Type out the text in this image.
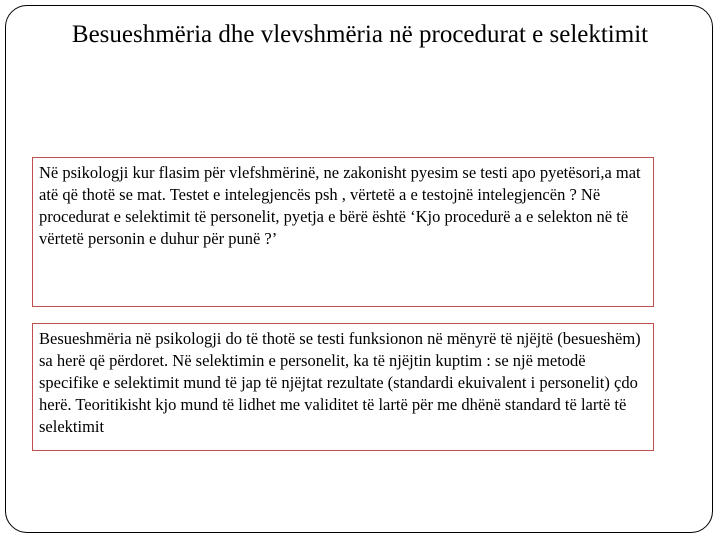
Besueshmëria dhe vlevshmëria në procedurat e selektimit
Në psikologji kur flasim për vlefshmërinë, ne zakonisht pyesim se testi apo pyetësori,a mat atë që thotë se mat. Testet e intelegjencës psh , vërtetë a e testojnë intelegjencën ? Në procedurat e selektimit të personelit, pyetja e bërë është ‘Kjo procedurë a e selekton në të vërtetë personin e duhur për punë ?’
Besueshmëria në psikologji do të thotë se testi funksionon në mënyrë të njëjtë (besueshëm) sa herë që përdoret. Në selektimin e personelit, ka të njëjtin kuptim : se një metodë specifike e selektimit mund të jap të njëjtat rezultate (standardi ekuivalent i personelit) çdo herë. Teoritikisht kjo mund të lidhet me validitet të lartë për me dhënë standard të lartë të selektimit
